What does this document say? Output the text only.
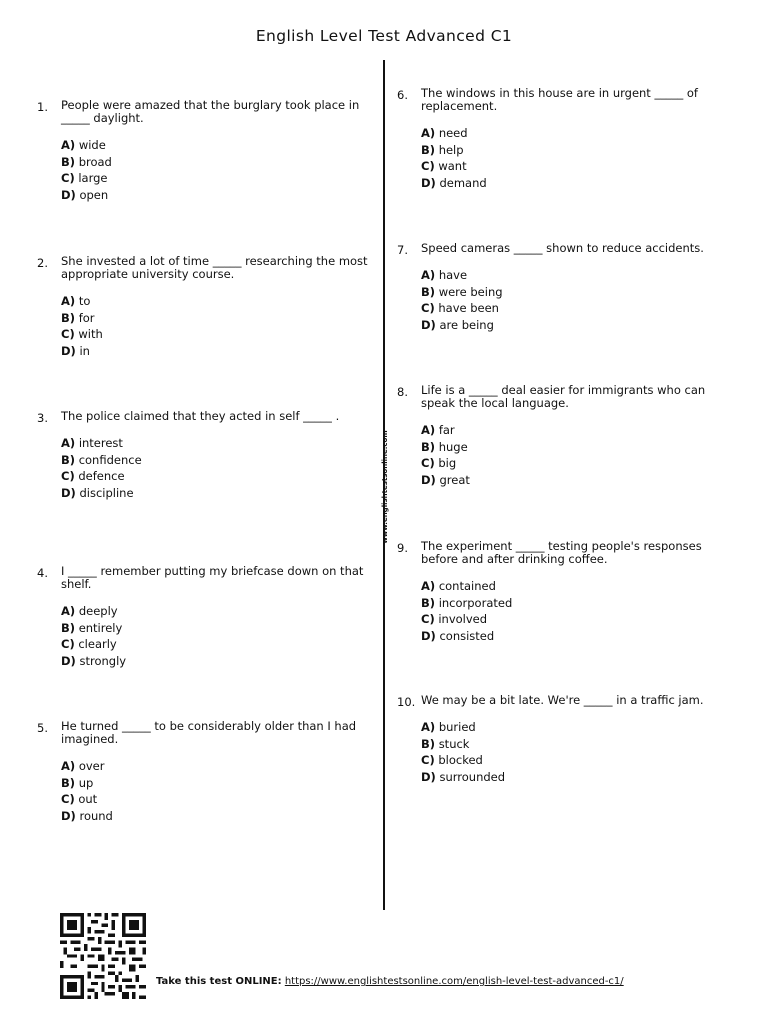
English Level Test Advanced C1
www.englishtestsonline.com
1.	People were amazed that the burglary took place in _____ daylight.

A) wide
B) broad
C) large
D) open
2.	She invested a lot of time _____ researching the most appropriate university course.

A) to
B) for
C) with
D) in
3.	The police claimed that they acted in self _____ .

A) interest
B) confidence
C) defence
D) discipline
4.	I _____ remember putting my briefcase down on that shelf.

A) deeply
B) entirely
C) clearly
D) strongly
5.	He turned _____ to be considerably older than I had imagined.

A) over
B) up
C) out
D) round
6.	The windows in this house are in urgent _____ of replacement.

A) need
B) help
C) want
D) demand
7.	Speed cameras _____ shown to reduce accidents.

A) have
B) were being
C) have been
D) are being
8.	Life is a _____ deal easier for immigrants who can speak the local language.

A) far
B) huge
C) big
D) great
9.	The experiment _____ testing people's responses before and after drinking coffee.

A) contained
B) incorporated
C) involved
D) consisted
10. We may be a bit late. We're _____ in a traffic jam.

A) buried
B) stuck
C) blocked
D) surrounded
Take this test ONLINE: https://www.englishtestsonline.com/english-level-test-advanced-c1/
